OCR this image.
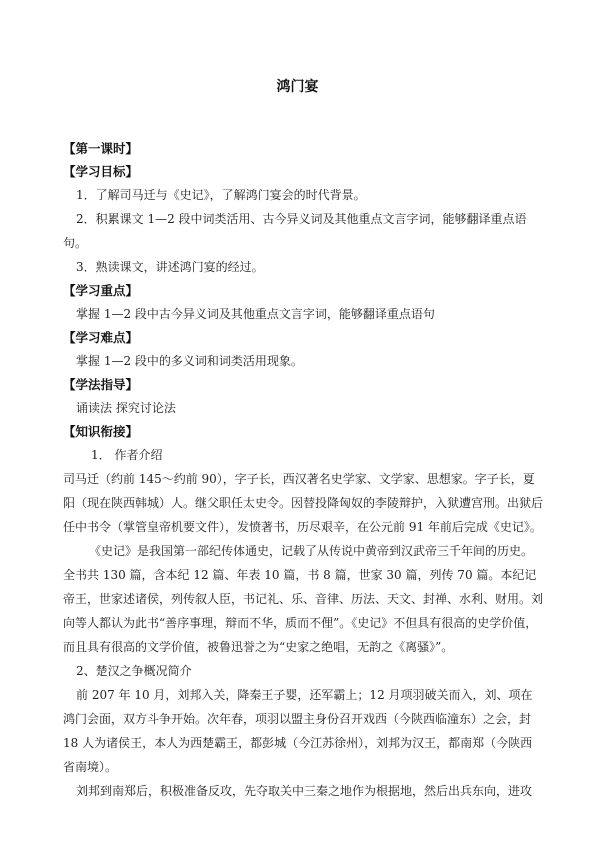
鸿门宴
【第一课时】
【学习目标】

1．了解司马迁与《史记》，了解鸿门宴会的时代背景。

2．积累课文 1—2 段中词类活用、古今异义词及其他重点文言字词，能够翻译重点语句。

3．熟读课文，讲述鸿门宴的经过。

【学习重点】

掌握 1—2 段中古今异义词及其他重点文言字词，能够翻译重点语句

【学习难点】

掌握 1—2 段中的多义词和词类活用现象。

【学法指导】

诵读法 探究讨论法

【知识衔接】

1． 作者介绍

司马迁（约前 145～约前 90），字子长，西汉著名史学家、文学家、思想家。字子长，夏阳（现在陕西韩城）人。继父职任太史令。因替投降匈奴的李陵辩护，入狱遭宫刑。出狱后任中书令（掌管皇帝机要文件），发愤著书，历尽艰辛，在公元前 91 年前后完成《史记》。

《史记》是我国第一部纪传体通史，记载了从传说中黄帝到汉武帝三千年间的历史。全书共 130 篇，含本纪 12 篇、年表 10 篇，书 8 篇，世家 30 篇，列传 70 篇。本纪记帝王，世家述诸侯，列传叙人臣，书记礼、乐、音律、历法、天文、封禅、水利、财用。刘向等人都认为此书“善序事理，辩而不华，质而不俚”。《史记》不但具有很高的史学价值，而且具有很高的文学价值，被鲁迅誉之为“史家之绝唱，无韵之《离骚》”。

2、楚汉之争概况简介

前 207 年 10 月，刘邦入关，降秦王子婴，还军霸上；12 月项羽破关而入，刘、项在鸿门会面，双方斗争开始。次年春，项羽以盟主身份召开戏西（今陕西临潼东）之会，封 18 人为诸侯王，本人为西楚霸王，都彭城（今江苏徐州），刘邦为汉王，都南郑（今陕西省南境）。

刘邦到南郑后，积极准备反攻，先夺取关中三秦之地作为根据地，然后出兵东向，进攻
